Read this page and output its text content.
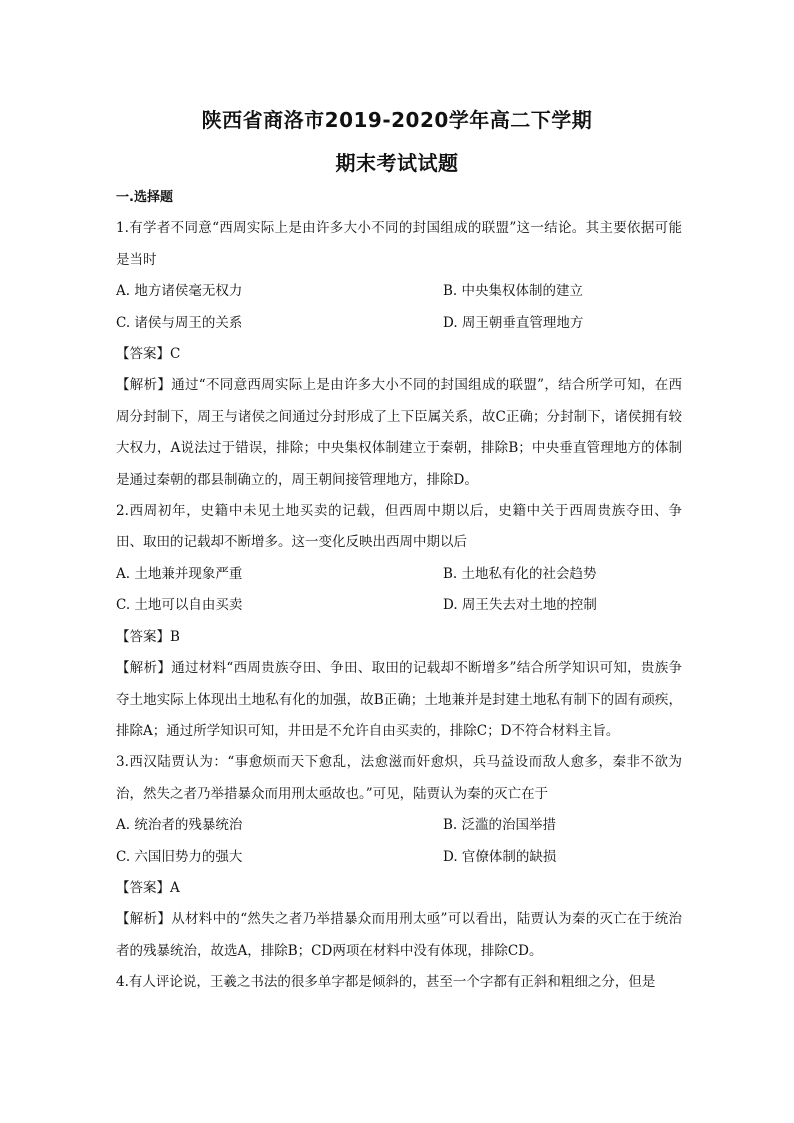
陕西省商洛市2019-2020学年高二下学期
期末考试试题
一.选择题

1.有学者不同意“西周实际上是由许多大小不同的封国组成的联盟”这一结论。其主要依据可能是当时

A. 地方诸侯毫无权力	B. 中央集权体制的建立
C. 诸侯与周王的关系	D. 周王朝垂直管理地方

【答案】C

【解析】通过“不同意西周实际上是由许多大小不同的封国组成的联盟”，结合所学可知，在西周分封制下，周王与诸侯之间通过分封形成了上下臣属关系，故C正确；分封制下，诸侯拥有较大权力，A说法过于错误，排除；中央集权体制建立于秦朝，排除B；中央垂直管理地方的体制是通过秦朝的郡县制确立的，周王朝间接管理地方，排除D。

2.西周初年，史籍中未见土地买卖的记载，但西周中期以后，史籍中关于西周贵族夺田、争田、取田的记载却不断增多。这一变化反映出西周中期以后

A. 土地兼并现象严重	B. 土地私有化的社会趋势
C. 土地可以自由买卖	D. 周王失去对土地的控制

【答案】B

【解析】通过材料“西周贵族夺田、争田、取田的记载却不断增多”结合所学知识可知，贵族争夺土地实际上体现出土地私有化的加强，故B正确；土地兼并是封建土地私有制下的固有顽疾，排除A；通过所学知识可知，井田是不允许自由买卖的，排除C；D不符合材料主旨。

3.西汉陆贾认为：“事愈烦而天下愈乱，法愈滋而奸愈炽，兵马益设而敌人愈多，秦非不欲为治，然失之者乃举措暴众而用刑太亟故也。”可见，陆贾认为秦的灭亡在于

A. 统治者的残暴统治	B. 泛滥的治国举措
C. 六国旧势力的强大	D. 官僚体制的缺损

【答案】A

【解析】从材料中的“然失之者乃举措暴众而用刑太亟”可以看出，陆贾认为秦的灭亡在于统治者的残暴统治，故选A，排除B；CD两项在材料中没有体现，排除CD。

4.有人评论说，王羲之书法的很多单字都是倾斜的，甚至一个字都有正斜和粗细之分，但是
